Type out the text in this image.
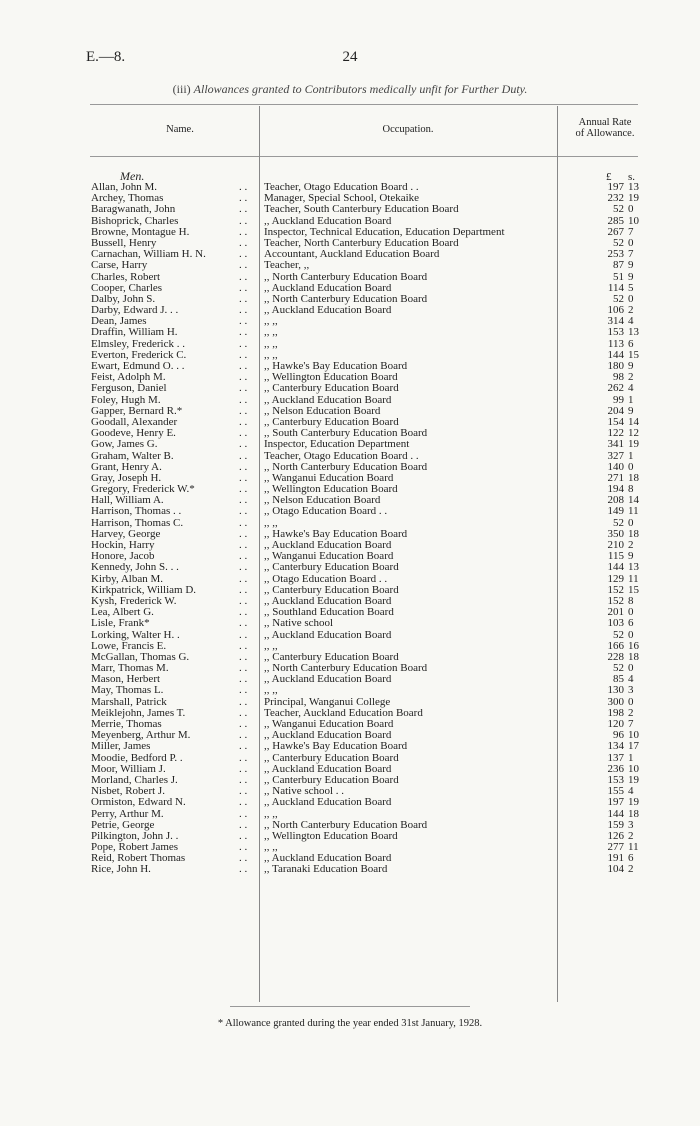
E.—8.	24
(iii) Allowances granted to Contributors medically unfit for Further Duty.
Name.	Occupation.
Annual Rate
of Allowance.
Men.	£ s.
Allan, John M.	. .	Teacher, Otago Education Board . .	197 13
Archey, Thomas	. .	Manager, Special School, Otekaike	232 19
Baragwanath, John	. .	Teacher, South Canterbury Education Board	52 0
Bishoprick, Charles	. .	,, Auckland Education Board	285 10
Browne, Montague H.	. .	Inspector, Technical Education, Education Department	267 7
Bussell, Henry	. .	Teacher, North Canterbury Education Board	52 0
Carnachan, William H. N.	. .	Accountant, Auckland Education Board	253 7
Carse, Harry	. .	Teacher, ,,	87 9
Charles, Robert	. .	,, North Canterbury Education Board	51 9
Cooper, Charles	. .	,, Auckland Education Board	114 5
Dalby, John S.	. .	,, North Canterbury Education Board	52 0
Darby, Edward J. . .	. .	,, Auckland Education Board	106 2
Dean, James	. .	,, ,,	314 4
Draffin, William H.	. .	,, ,,	153 13
Elmsley, Frederick . .	. .	,, ,,	113 6
Everton, Frederick C.	. .	,, ,,	144 15
Ewart, Edmund O. . .	. .	,, Hawke's Bay Education Board	180 9
Feist, Adolph M.	. .	,, Wellington Education Board	98 2
Ferguson, Daniel	. .	,, Canterbury Education Board	262 4
Foley, Hugh M.	. .	,, Auckland Education Board	99 1
Gapper, Bernard R.*	. .	,, Nelson Education Board	204 9
Goodall, Alexander	. .	,, Canterbury Education Board	154 14
Goodeve, Henry E.	. .	,, South Canterbury Education Board	122 12
Gow, James G.	. .	Inspector, Education Department	341 19
Graham, Walter B.	. .	Teacher, Otago Education Board . .	327 1
Grant, Henry A.	. .	,, North Canterbury Education Board	140 0
Gray, Joseph H.	. .	,, Wanganui Education Board	271 18
Gregory, Frederick W.*	. .	,, Wellington Education Board	194 8
Hall, William A.	. .	,, Nelson Education Board	208 14
Harrison, Thomas . .	. .	,, Otago Education Board . .	149 11
Harrison, Thomas C.	. .	,, ,,	52 0
Harvey, George	. .	,, Hawke's Bay Education Board	350 18
Hockin, Harry	. .	,, Auckland Education Board	210 2
Honore, Jacob	. .	,, Wanganui Education Board	115 9
Kennedy, John S. . .	. .	,, Canterbury Education Board	144 13
Kirby, Alban M.	. .	,, Otago Education Board . .	129 11
Kirkpatrick, William D.	. .	,, Canterbury Education Board	152 15
Kysh, Frederick W.	. .	,, Auckland Education Board	152 8
Lea, Albert G.	. .	,, Southland Education Board	201 0
Lisle, Frank*	. .	,, Native school	103 6
Lorking, Walter H. .	. .	,, Auckland Education Board	52 0
Lowe, Francis E.	. .	,, ,,	166 16
McGallan, Thomas G.	. .	,, Canterbury Education Board	228 18
Marr, Thomas M.	. .	,, North Canterbury Education Board	52 0
Mason, Herbert	. .	,, Auckland Education Board	85 4
May, Thomas L.	. .	,, ,,	130 3
Marshall, Patrick	. .	Principal, Wanganui College	300 0
Meiklejohn, James T.	. .	Teacher, Auckland Education Board	198 2
Merrie, Thomas	. .	,, Wanganui Education Board	120 7
Meyenberg, Arthur M.	. .	,, Auckland Education Board	96 10
Miller, James	. .	,, Hawke's Bay Education Board	134 17
Moodie, Bedford P. .	. .	,, Canterbury Education Board	137 1
Moor, William J.	. .	,, Auckland Education Board	236 10
Morland, Charles J.	. .	,, Canterbury Education Board	153 19
Nisbet, Robert J.	. .	,, Native school . .	155 4
Ormiston, Edward N.	. .	,, Auckland Education Board	197 19
Perry, Arthur M.	. .	,, ,,	144 18
Petrie, George	. .	,, North Canterbury Education Board	159 3
Pilkington, John J. .	. .	,, Wellington Education Board	126 2
Pope, Robert James	. .	,, ,,	277 11
Reid, Robert Thomas	. .	,, Auckland Education Board	191 6
Rice, John H.	. .	,, Taranaki Education Board	104 2
* Allowance granted during the year ended 31st January, 1928.
